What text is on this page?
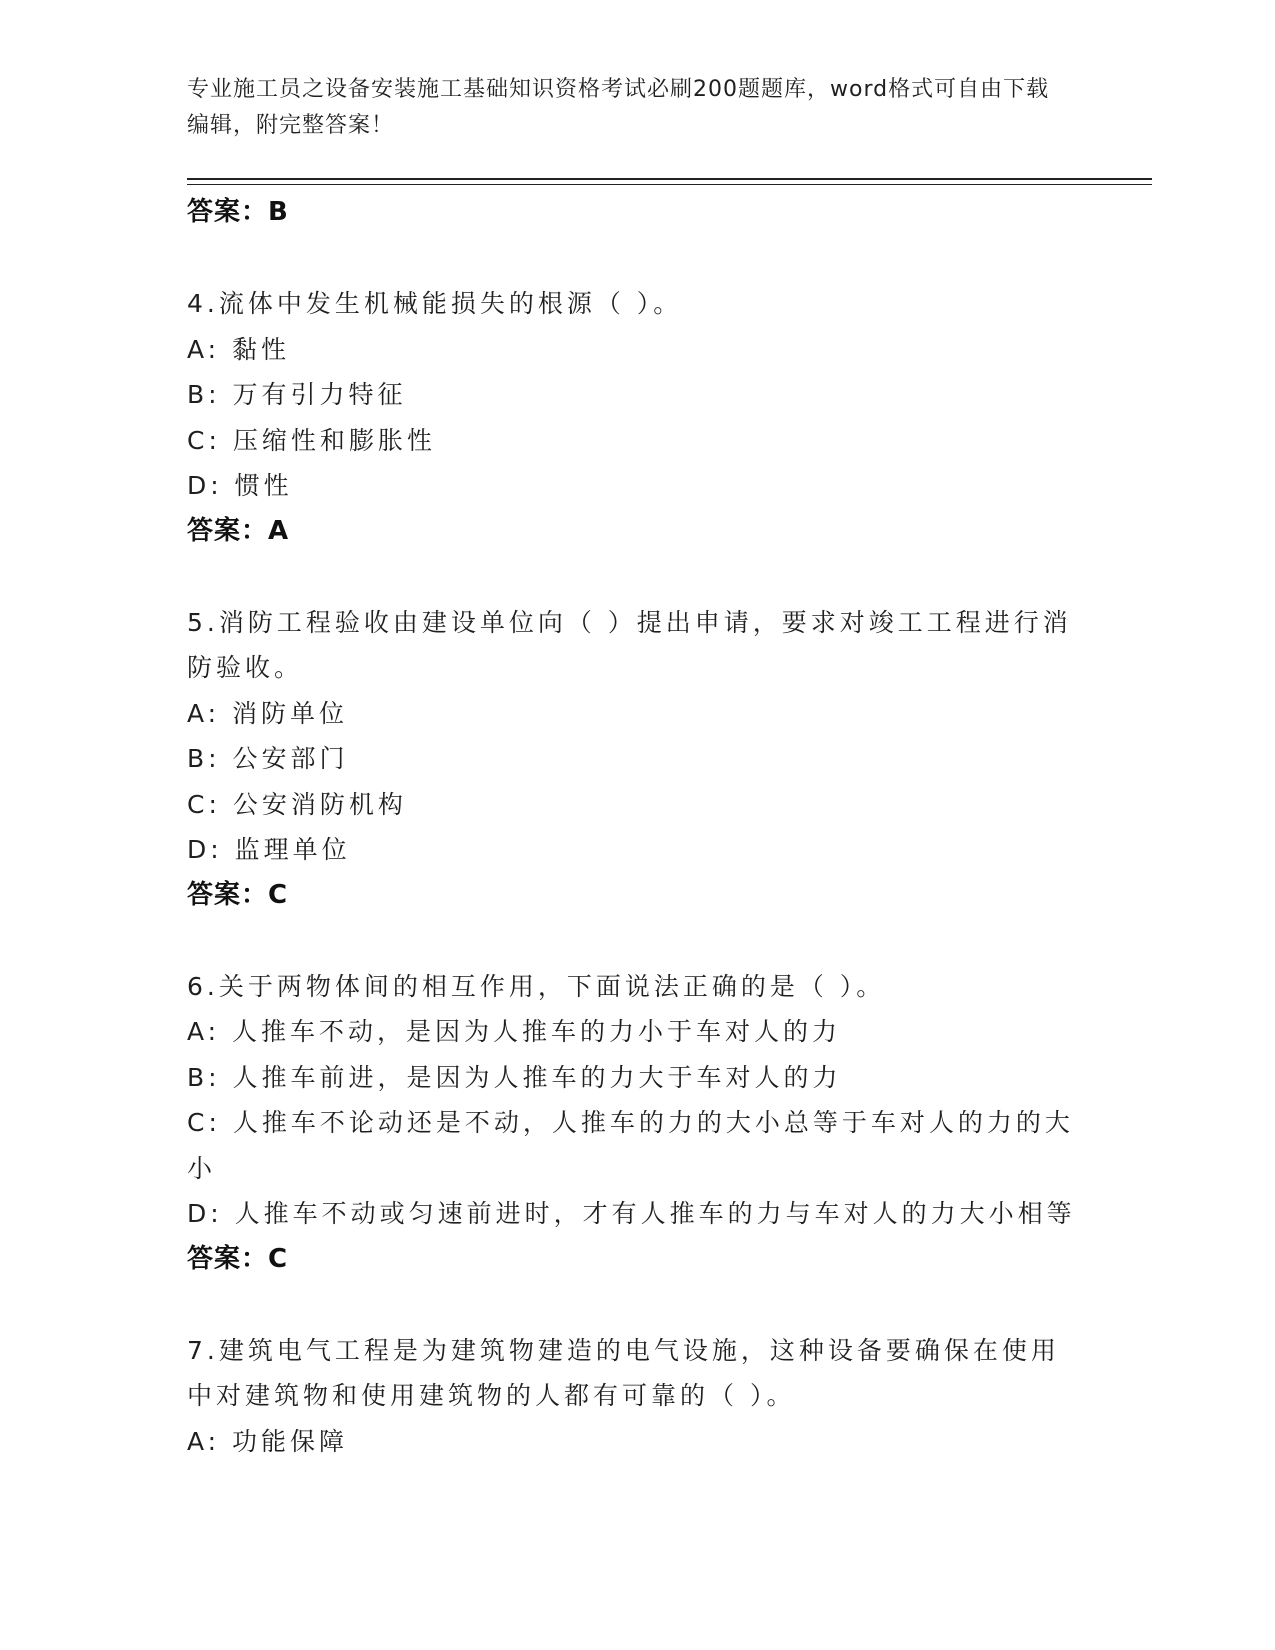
专业施工员之设备安装施工基础知识资格考试必刷200题题库，word格式可自由下载编辑，附完整答案！
答案：B
4.流体中发生机械能损失的根源（ ）。
A: 黏性
B: 万有引力特征
C: 压缩性和膨胀性
D: 惯性
答案：A
5.消防工程验收由建设单位向（ ）提出申请，要求对竣工工程进行消防验收。
A: 消防单位
B: 公安部门
C: 公安消防机构
D: 监理单位
答案：C
6.关于两物体间的相互作用，下面说法正确的是（ ）。
A: 人推车不动，是因为人推车的力小于车对人的力
B: 人推车前进，是因为人推车的力大于车对人的力
C: 人推车不论动还是不动，人推车的力的大小总等于车对人的力的大小
D: 人推车不动或匀速前进时，才有人推车的力与车对人的力大小相等
答案：C
7.建筑电气工程是为建筑物建造的电气设施，这种设备要确保在使用中对建筑物和使用建筑物的人都有可靠的（ ）。
A: 功能保障
